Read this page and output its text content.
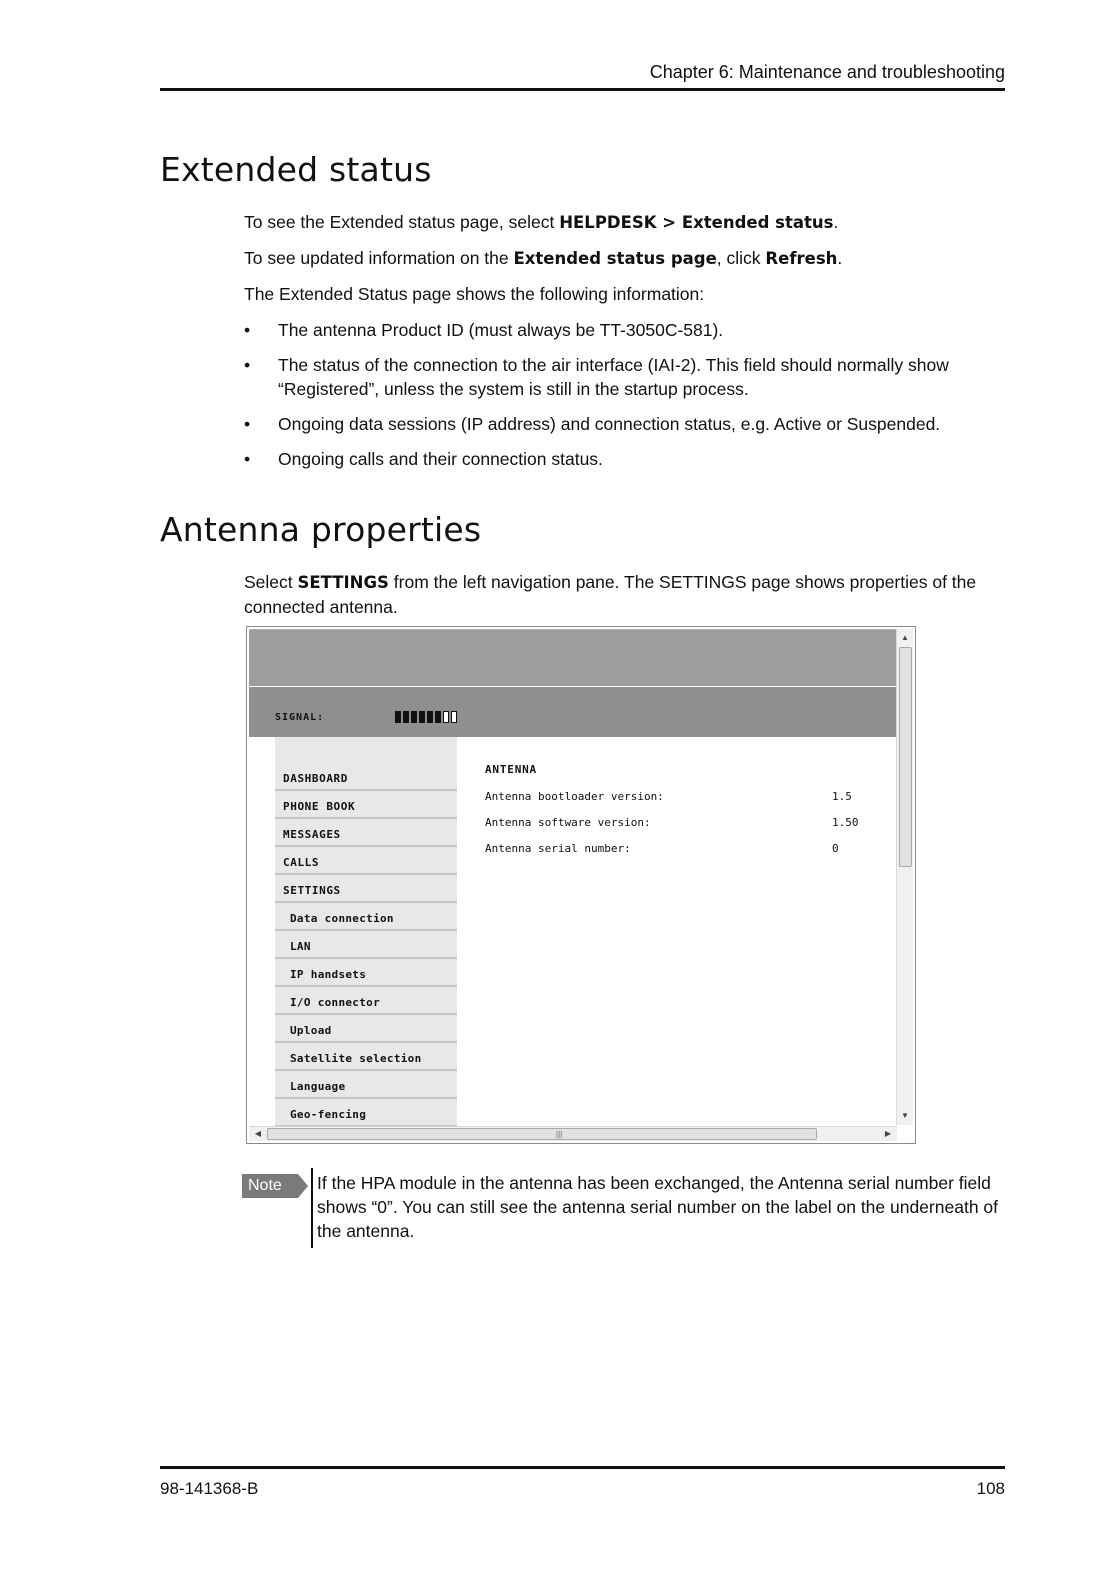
Chapter 6: Maintenance and troubleshooting
Extended status

To see the Extended status page, select HELPDESK > Extended status.

To see updated information on the Extended status page, click Refresh.

The Extended Status page shows the following information:

• The antenna Product ID (must always be TT-3050C-581).
• The status of the connection to the air interface (IAI-2). This field should normally show “Registered”, unless the system is still in the startup process.
• Ongoing data sessions (IP address) and connection status, e.g. Active or Suspended.
• Ongoing calls and their connection status.
Antenna properties

Select SETTINGS from the left navigation pane. The SETTINGS page shows properties of the connected antenna.

SIGNAL:
DASHBOARD
PHONE BOOK
MESSAGES
CALLS
SETTINGS
Data connection
LAN
IP handsets
I/O connector
Upload
Satellite selection
Language
Geo-fencing
ANTENNA
Antenna bootloader version:	1.5
Antenna software version:	1.50
Antenna serial number:	0
▲
▼
◀	|||	▶
Note	If the HPA module in the antenna has been exchanged, the Antenna serial number field shows “0”. You can still see the antenna serial number on the label on the underneath of the antenna.

98-141368-B	108
